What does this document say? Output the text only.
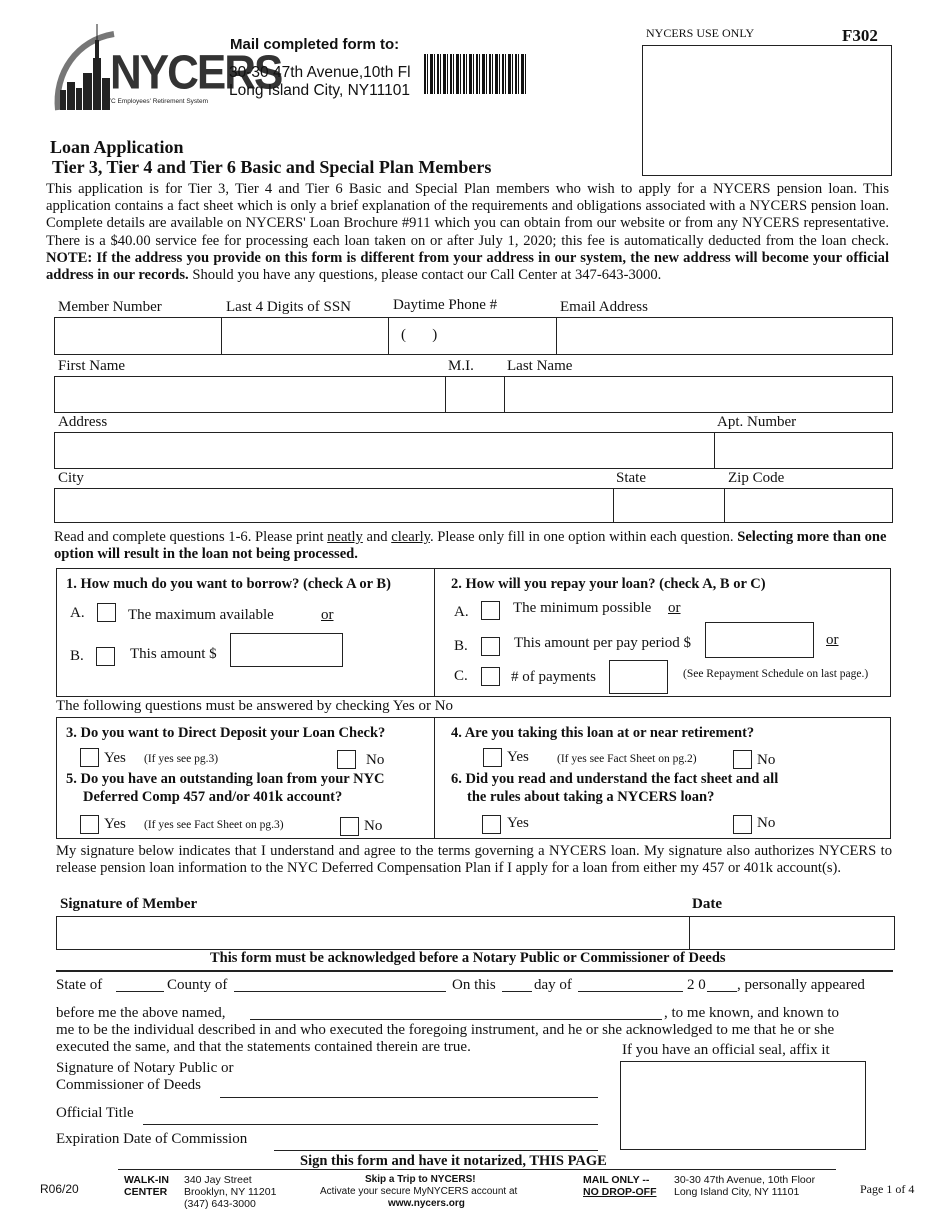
NYCERS
NYC Employees' Retirement System
Mail completed form to:
30-30 47th Avenue,10th Fl
Long Island City, NY11101
NYCERS USE ONLY	F302
Loan Application
Tier 3, Tier 4 and Tier 6 Basic and Special Plan Members
This application is for Tier 3, Tier 4 and Tier 6 Basic and Special Plan members who wish to apply for a NYCERS pension loan. This application contains a fact sheet which is only a brief explanation of the requirements and obligations associated with a NYCERS pension loan. Complete details are available on NYCERS' Loan Brochure #911 which you can obtain from our website or from any NYCERS representative. There is a $40.00 service fee for processing each loan taken on or after July 1, 2020; this fee is automatically deducted from the loan check. NOTE: If the address you provide on this form is different from your address in our system, the new address will become your official address in our records. Should you have any questions, please contact our Call Center at 347-643-3000.
Member Number	Last 4 Digits of SSN	Daytime Phone #	Email Address
(       )
First Name	M.I. Last Name
Address	Apt. Number
City	State	Zip Code
Read and complete questions 1-6. Please print neatly and clearly. Please only fill in one option within each question. Selecting more than one option will result in the loan not being processed.
1. How much do you want to borrow? (check A or B)
A.	The maximum available	or
B.	This amount $
2. How will you repay your loan? (check A, B or C)
A.	The minimum possible or
B.	This amount per pay period $	or
C.	# of payments	(See Repayment Schedule on last page.)
The following questions must be answered by checking Yes or No
3. Do you want to Direct Deposit your Loan Check?
Yes (If yes see pg.3)	No
5. Do you have an outstanding loan from your NYC
Deferred Comp 457 and/or 401k account?
Yes (If yes see Fact Sheet on pg.3)	No
4. Are you taking this loan at or near retirement?
Yes (If yes see Fact Sheet on pg.2)	No
6. Did you read and understand the fact sheet and all
the rules about taking a NYCERS loan?
Yes	No
My signature below indicates that I understand and agree to the terms governing a NYCERS loan. My signature also authorizes NYCERS to release pension loan information to the NYC Deferred Compensation Plan if I apply for a loan from either my 457 or 401k account(s).
Signature of Member	Date
This form must be acknowledged before a Notary Public or Commissioner of Deeds
State of	County of	On this	day of	2 0 , personally appeared
before me the above named,	, to me known, and known to
me to be the individual described in and who executed the foregoing instrument, and he or she acknowledged to me that he or she
executed the same, and that the statements contained therein are true.	If you have an official seal, affix it
Signature of Notary Public or
Commissioner of Deeds
Official Title
Expiration Date of Commission
Sign this form and have it notarized, THIS PAGE
R06/20
WALK-IN
CENTER
340 Jay Street
Brooklyn, NY 11201
(347) 643-3000
Skip a Trip to NYCERS!
Activate your secure MyNYCERS account at
www.nycers.org
MAIL ONLY --
NO DROP-OFF
30-30 47th Avenue, 10th Floor
Long Island City, NY 11101	Page 1 of 4
